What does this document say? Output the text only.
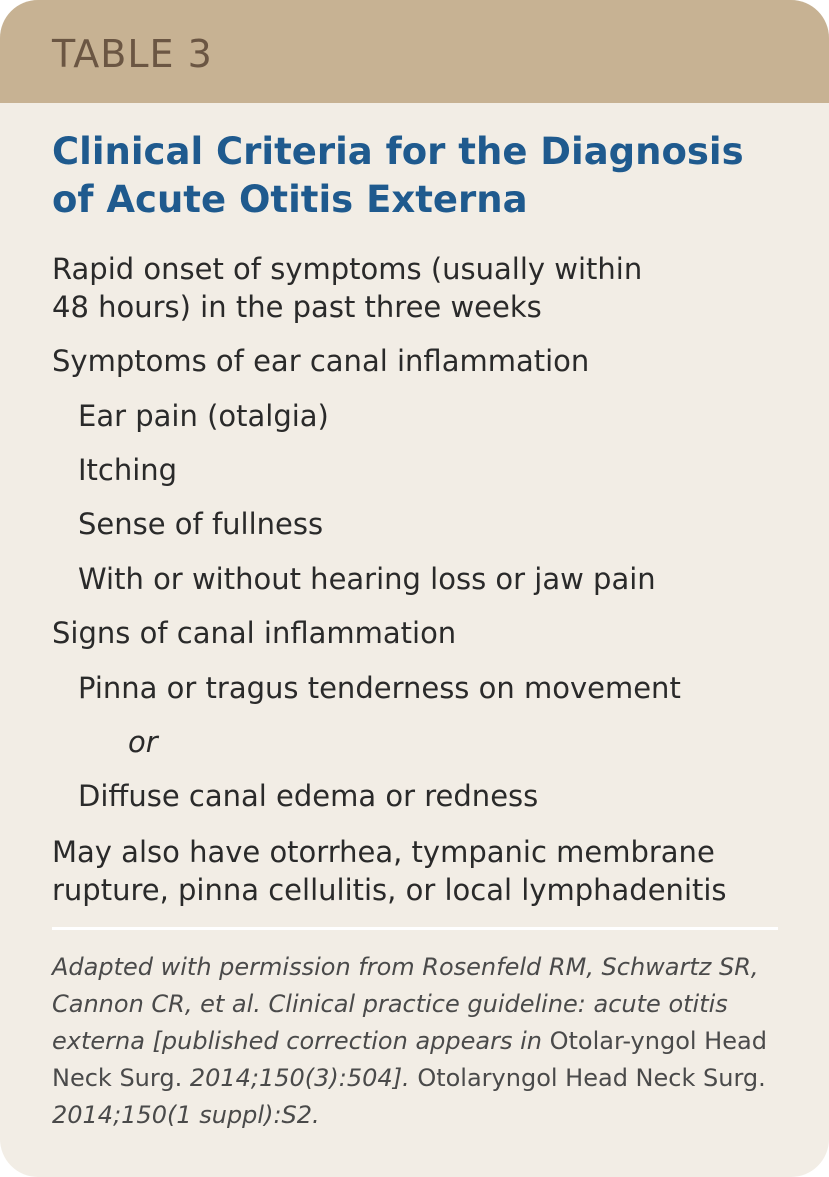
TABLE 3
Clinical Criteria for the Diagnosis
of Acute Otitis Externa
Rapid onset of symptoms (usually within
48 hours) in the past three weeks
Symptoms of ear canal inflammation
Ear pain (otalgia)
Itching
Sense of fullness
With or without hearing loss or jaw pain
Signs of canal inflammation
Pinna or tragus tenderness on movement
or
Diffuse canal edema or redness
May also have otorrhea, tympanic membrane
rupture, pinna cellulitis, or local lymphadenitis
Adapted with permission from Rosenfeld RM, Schwartz SR, Cannon CR, et al. Clinical practice guideline: acute otitis externa [published correction appears in Otolar-yngol Head Neck Surg. 2014;150(3):504]. Otolaryngol Head Neck Surg. 2014;150(1 suppl):S2.
